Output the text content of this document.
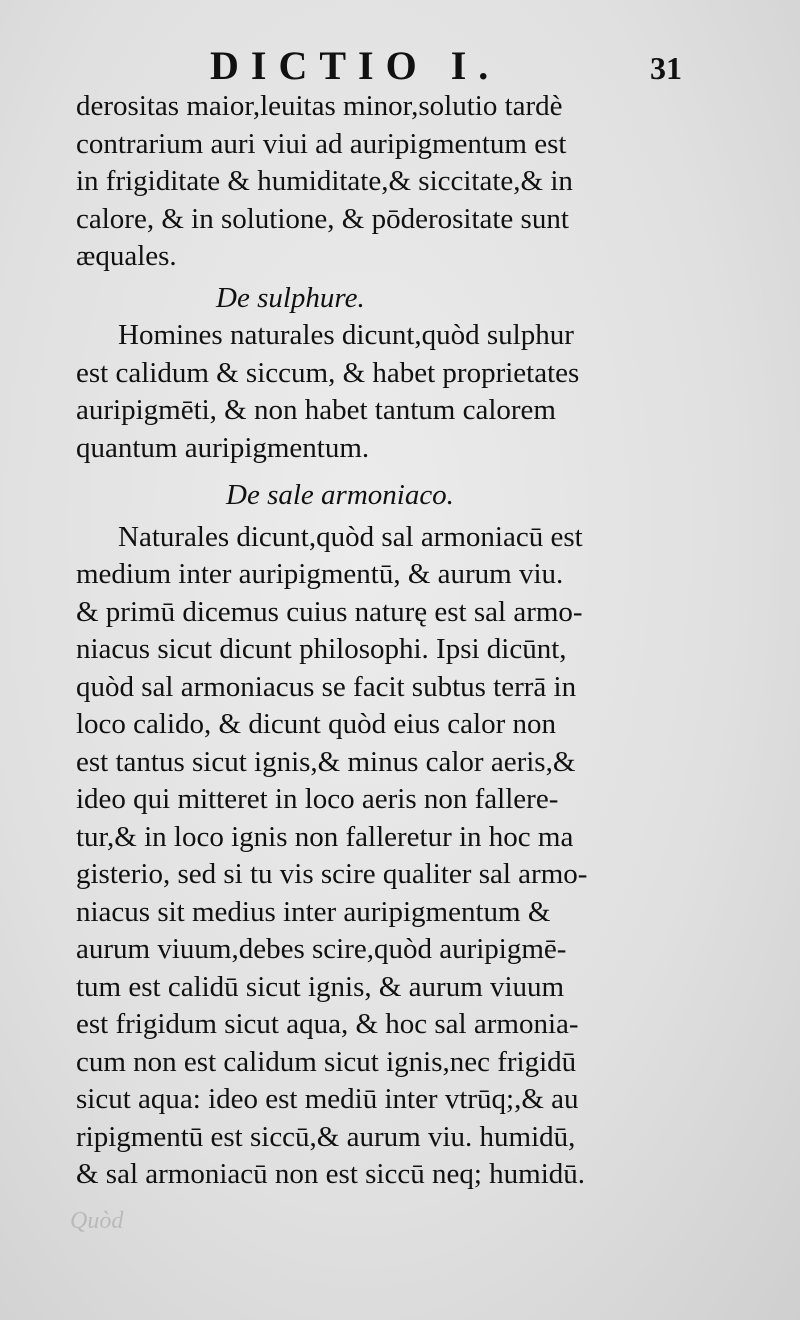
DICTIO I.	31
derositas maior,leuitas minor,solutio tardè
contrarium auri viui ad auripigmentum est
in frigiditate & humiditate,& siccitate,& in
calore, & in solutione, & pōderositate sunt
æquales.
De sulphure.
Homines naturales dicunt,quòd sulphur
est calidum & siccum, & habet proprietates
auripigmēti, & non habet tantum calorem
quantum auripigmentum.
De sale armoniaco.
Naturales dicunt,quòd sal armoniacū est
medium inter auripigmentū, & aurum viu.
& primū dicemus cuius naturę est sal armo-
niacus sicut dicunt philosophi. Ipsi dicūnt,
quòd sal armoniacus se facit subtus terrā in
loco calido, & dicunt quòd eius calor non
est tantus sicut ignis,& minus calor aeris,&
ideo qui mitteret in loco aeris non fallere-
tur,& in loco ignis non falleretur in hoc ma
gisterio, sed si tu vis scire qualiter sal armo-
niacus sit medius inter auripigmentum &
aurum viuum,debes scire,quòd auripigmē-
tum est calidū sicut ignis, & aurum viuum
est frigidum sicut aqua, & hoc sal armonia-
cum non est calidum sicut ignis,nec frigidū
sicut aqua: ideo est mediū inter vtrūq;,& au
ripigmentū est siccū,& aurum viu. humidū,
& sal armoniacū non est siccū neq; humidū.
Quòd
